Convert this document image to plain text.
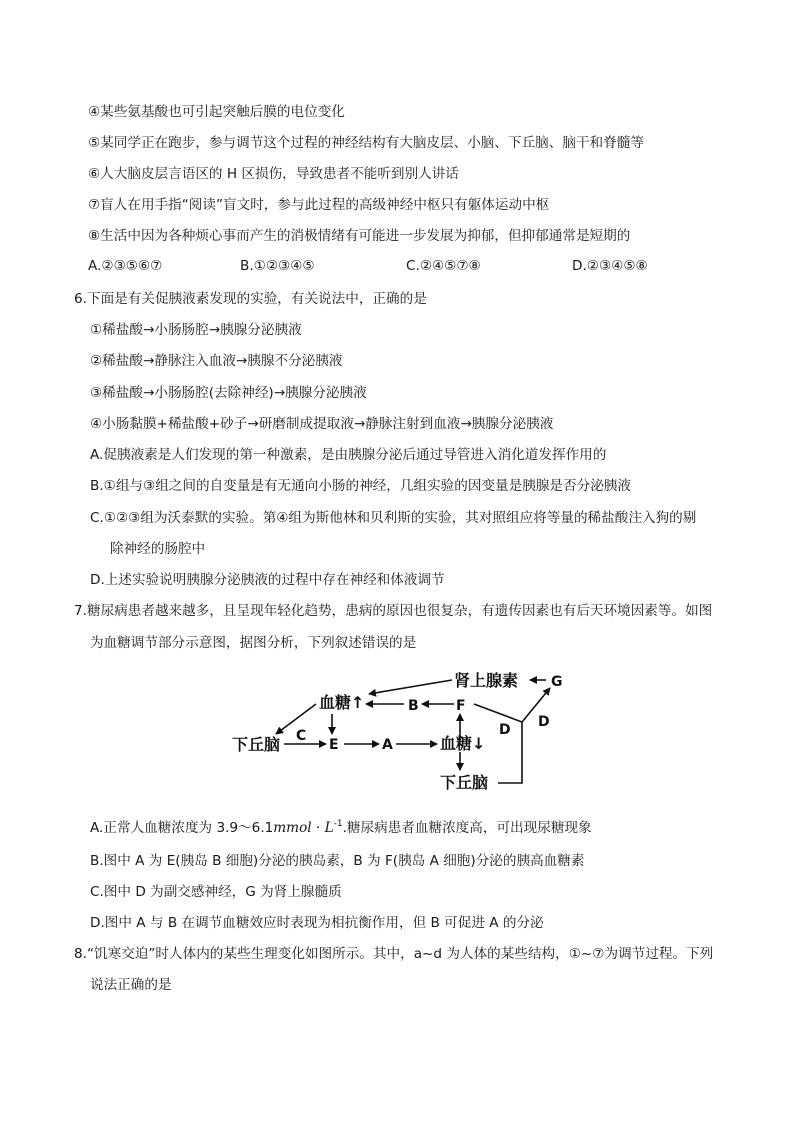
④某些氨基酸也可引起突触后膜的电位变化
⑤某同学正在跑步，参与调节这个过程的神经结构有大脑皮层、小脑、下丘脑、脑干和脊髓等
⑥人大脑皮层言语区的 H 区损伤，导致患者不能听到别人讲话
⑦盲人在用手指“阅读”盲文时，参与此过程的高级神经中枢只有躯体运动中枢
⑧生活中因为各种烦心事而产生的消极情绪有可能进一步发展为抑郁，但抑郁通常是短期的
A.②③⑤⑥⑦	B.①②③④⑤	C.②④⑤⑦⑧	D.②③④⑤⑧
6.下面是有关促胰液素发现的实验，有关说法中，正确的是
①稀盐酸→小肠肠腔→胰腺分泌胰液
②稀盐酸→静脉注入血液→胰腺不分泌胰液
③稀盐酸→小肠肠腔(去除神经)→胰腺分泌胰液
④小肠黏膜+稀盐酸+砂子→研磨制成提取液→静脉注射到血液→胰腺分泌胰液
A.促胰液素是人们发现的第一种激素，是由胰腺分泌后通过导管进入消化道发挥作用的
B.①组与③组之间的自变量是有无通向小肠的神经，几组实验的因变量是胰腺是否分泌胰液
C.①②③组为沃泰默的实验。第④组为斯他林和贝利斯的实验，其对照组应将等量的稀盐酸注入狗的剔
除神经的肠腔中
D.上述实验说明胰腺分泌胰液的过程中存在神经和体液调节
7.糖尿病患者越来越多，且呈现年轻化趋势，患病的原因也很复杂，有遗传因素也有后天环境因素等。如图
为血糖调节部分示意图，据图分析，下列叙述错误的是
肾上腺素 G
血糖↑	B	F
D
D
下丘脑 C
E	A	血糖↓
下丘脑
A.正常人血糖浓度为 3.9～6.1mmol · $L^{-1}$.糖尿病患者血糖浓度高，可出现尿糖现象
B.图中 A 为 E(胰岛 B 细胞)分泌的胰岛素，B 为 F(胰岛 A 细胞)分泌的胰高血糖素
C.图中 D 为副交感神经，G 为肾上腺髓质
D.图中 A 与 B 在调节血糖效应时表现为相抗衡作用，但 B 可促进 A 的分泌
8.“饥寒交迫”时人体内的某些生理变化如图所示。其中，a~d 为人体的某些结构，①~⑦为调节过程。下列
说法正确的是
